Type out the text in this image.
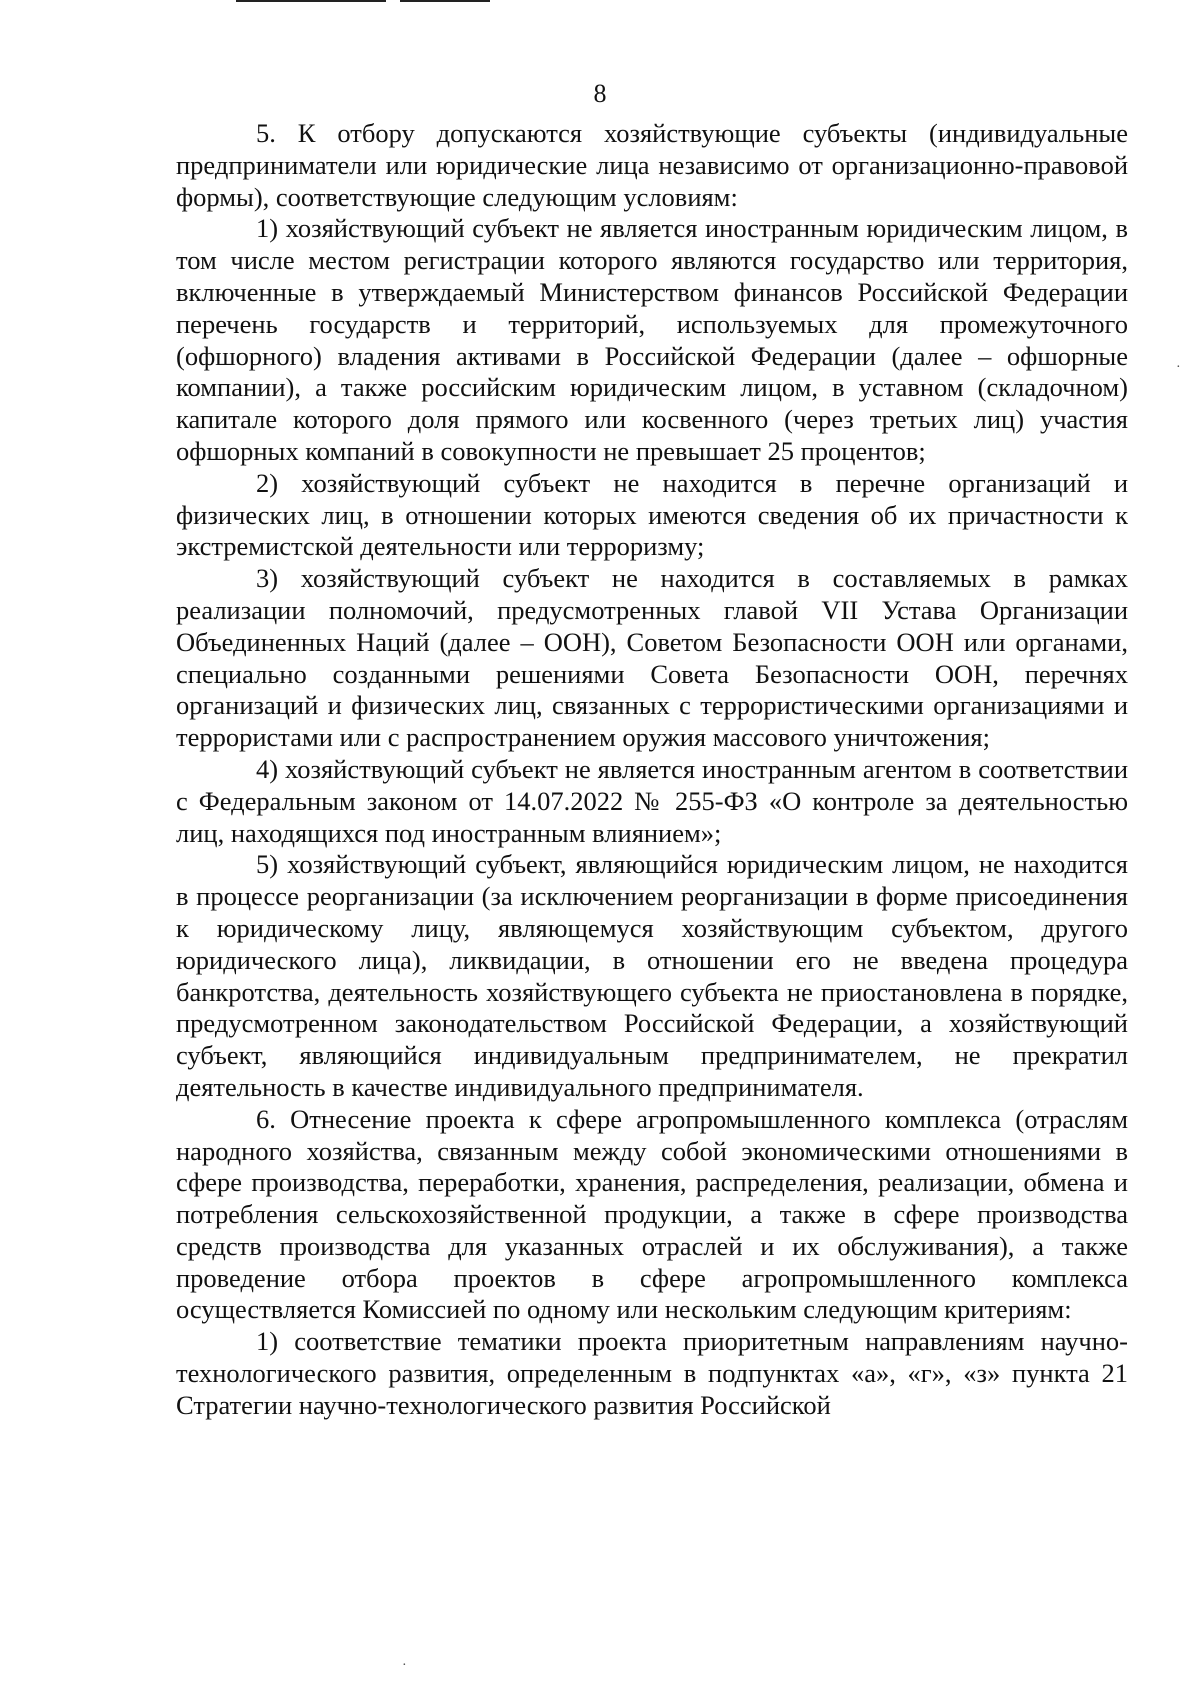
8

5. К отбору допускаются хозяйствующие субъекты (индивидуальные предприниматели или юридические лица независимо от организационно-правовой формы), соответствующие следующим условиям:

1) хозяйствующий субъект не является иностранным юридическим лицом, в том числе местом регистрации которого являются государство или территория, включенные в утверждаемый Министерством финансов Российской Федерации перечень государств и территорий, используемых для промежуточного (офшорного) владения активами в Российской Федерации (далее – офшорные компании), а также российским юридическим лицом, в уставном (складочном) капитале которого доля прямого или косвенного (через третьих лиц) участия офшорных компаний в совокупности не превышает 25 процентов;

2) хозяйствующий субъект не находится в перечне организаций и физических лиц, в отношении которых имеются сведения об их причастности к экстремистской деятельности или терроризму;

3) хозяйствующий субъект не находится в составляемых в рамках реализации полномочий, предусмотренных главой VII Устава Организации Объединенных Наций (далее – ООН), Советом Безопасности ООН или органами, специально созданными решениями Совета Безопасности ООН, перечнях организаций и физических лиц, связанных с террористическими организациями и террористами или с распространением оружия массового уничтожения;

4) хозяйствующий субъект не является иностранным агентом в соответствии с Федеральным законом от 14.07.2022 № 255-ФЗ «О контроле за деятельностью лиц, находящихся под иностранным влиянием»;

5) хозяйствующий субъект, являющийся юридическим лицом, не находится в процессе реорганизации (за исключением реорганизации в форме присоединения к юридическому лицу, являющемуся хозяйствующим субъектом, другого юридического лица), ликвидации, в отношении его не введена процедура банкротства, деятельность хозяйствующего субъекта не приостановлена в порядке, предусмотренном законодательством Российской Федерации, а хозяйствующий субъект, являющийся индивидуальным предпринимателем, не прекратил деятельность в качестве индивидуального предпринимателя.

6. Отнесение проекта к сфере агропромышленного комплекса (отраслям народного хозяйства, связанным между собой экономическими отношениями в сфере производства, переработки, хранения, распределения, реализации, обмена и потребления сельскохозяйственной продукции, а также в сфере производства средств производства для указанных отраслей и их обслуживания), а также проведение отбора проектов в сфере агропромышленного комплекса осуществляется Комиссией по одному или нескольким следующим критериям:

1) соответствие тематики проекта приоритетным направлениям научно-технологического развития, определенным в подпунктах «а», «г», «з» пункта 21 Стратегии научно-технологического развития Российской

·
·
